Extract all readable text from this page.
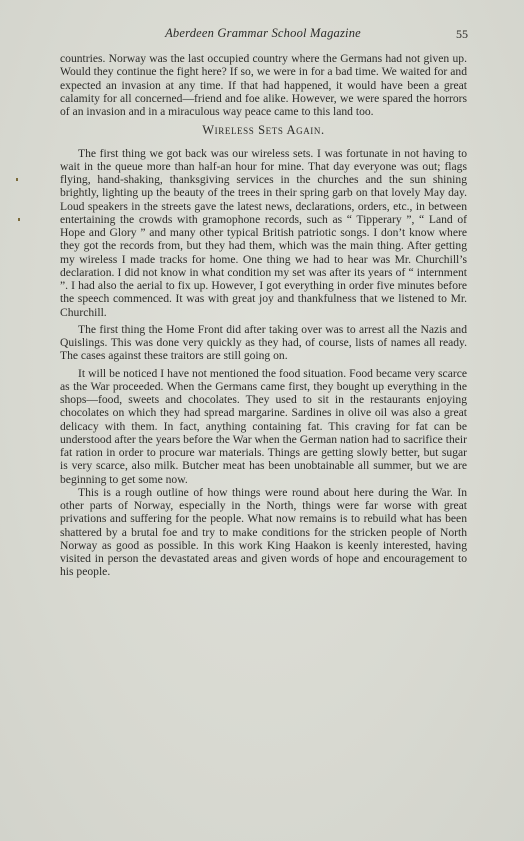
Aberdeen Grammar School Magazine	55

countries. Norway was the last occupied country where the Germans had not given up. Would they continue the fight here? If so, we were in for a bad time. We waited for and expected an invasion at any time. If that had happened, it would have been a great calamity for all concerned—friend and foe alike. However, we were spared the horrors of an invasion and in a miraculous way peace came to this land too.

Wireless Sets Again.

The first thing we got back was our wireless sets. I was fortunate in not having to wait in the queue more than half-an hour for mine. That day everyone was out; flags flying, hand-shaking, thanksgiving services in the churches and the sun shining brightly, lighting up the beauty of the trees in their spring garb on that lovely May day. Loud speakers in the streets gave the latest news, declarations, orders, etc., in between entertaining the crowds with gramophone records, such as “ Tipperary ”, “ Land of Hope and Glory ” and many other typical British patriotic songs. I don’t know where they got the records from, but they had them, which was the main thing. After getting my wireless I made tracks for home. One thing we had to hear was Mr. Churchill’s declaration. I did not know in what condition my set was after its years of “ internment ”. I had also the aerial to fix up. However, I got everything in order five minutes before the speech commenced. It was with great joy and thankfulness that we listened to Mr. Churchill.

The first thing the Home Front did after taking over was to arrest all the Nazis and Quislings. This was done very quickly as they had, of course, lists of names all ready. The cases against these traitors are still going on.

It will be noticed I have not mentioned the food situation. Food became very scarce as the War proceeded. When the Germans came first, they bought up everything in the shops—food, sweets and chocolates. They used to sit in the restaurants enjoying chocolates on which they had spread margarine. Sardines in olive oil was also a great delicacy with them. In fact, anything containing fat. This craving for fat can be understood after the years before the War when the German nation had to sacrifice their fat ration in order to procure war materials. Things are getting slowly better, but sugar is very scarce, also milk. Butcher meat has been unobtainable all summer, but we are beginning to get some now.

This is a rough outline of how things were round about here during the War. In other parts of Norway, especially in the North, things were far worse with great privations and suffering for the people. What now remains is to rebuild what has been shattered by a brutal foe and try to make conditions for the stricken people of North Norway as good as possible. In this work King Haakon is keenly interested, having visited in person the devastated areas and given words of hope and encouragement to his people.
